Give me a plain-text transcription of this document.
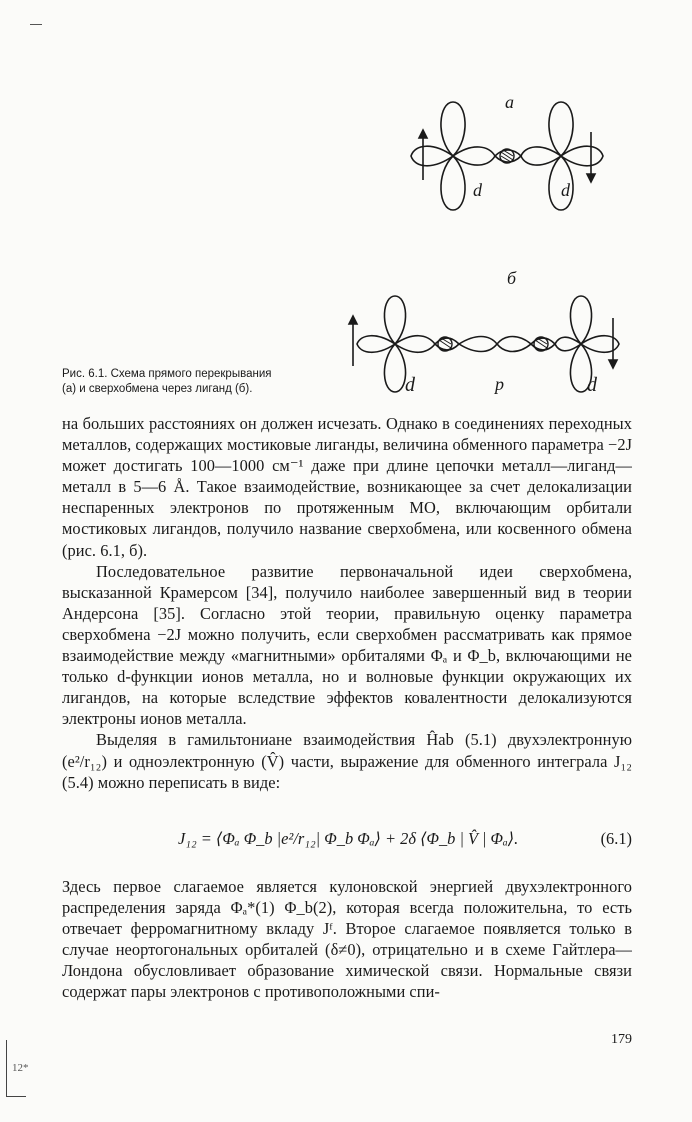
a
d	d
б
d	p	d
Рис. 6.1. Схема прямого перекрывания
(а) и сверхобмена через лиганд (б).

на больших расстояниях он должен исчезать. Однако в соединениях переходных металлов, содержащих мостиковые лиганды, величина обменного параметра −2J может достигать 100—1000 см⁻¹ даже при длине цепочки металл—лиганд—металл в 5—6 Å. Такое взаимодействие, возникающее за счет делокализации неспаренных электронов по протяженным МО, включающим орбитали мостиковых лигандов, получило название сверхобмена, или косвенного обмена (рис. 6.1, б).

Последовательное развитие первоначальной идеи сверхобмена, высказанной Крамерсом [34], получило наиболее завершенный вид в теории Андерсона [35]. Согласно этой теории, правильную оценку параметра сверхобмена −2J можно получить, если сверхобмен рассматривать как прямое взаимодействие между «магнитными» орбиталями Φₐ и Φ_b, включающими не только d-функции ионов металла, но и волновые функции окружающих их лигандов, на которые вследствие эффектов ковалентности делокализуются электроны ионов металла.

Выделяя в гамильтониане взаимодействия Ĥab (5.1) двухэлектронную (e²/r₁₂) и одноэлектронную (V̂) части, выражение для обменного интеграла J₁₂ (5.4) можно переписать в виде:

J₁₂ = ⟨Φₐ Φ_b |e²/r₁₂| Φ_b Φₐ⟩ + 2δ ⟨Φ_b | V̂ | Φₐ⟩.	(6.1)

Здесь первое слагаемое является кулоновской энергией двухэлектронного распределения заряда Φₐ*(1) Φ_b(2), которая всегда положительна, то есть отвечает ферромагнитному вкладу Jᶠ. Второе слагаемое появляется только в случае неортогональных орбиталей (δ≠0), отрицательно и в схеме Гайтлера—Лондона обусловливает образование химической связи. Нормальные связи содержат пары электронов с противоположными спи-

179
12*
